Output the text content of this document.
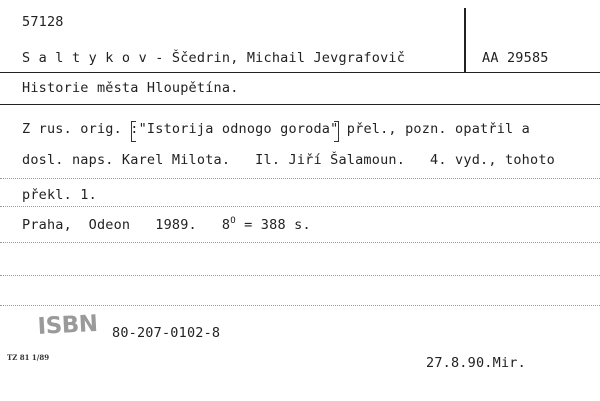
57128
S a l t y k o v - Ščedrin, Michail Jevgrafovič	AA 29585
Historie města Hloupětína.
Z rus. orig. :"Istorija odnogo goroda" přel., pozn. opatřil a
dosl. naps. Karel Milota.   Il. Jiří Šalamoun.   4. vyd., tohoto
překl. 1.
Praha,  Odeon   1989. $8^O = 388$ s.
ISBN 80-207-0102-8
TZ 81 1/89	27.8.90.Mir.
